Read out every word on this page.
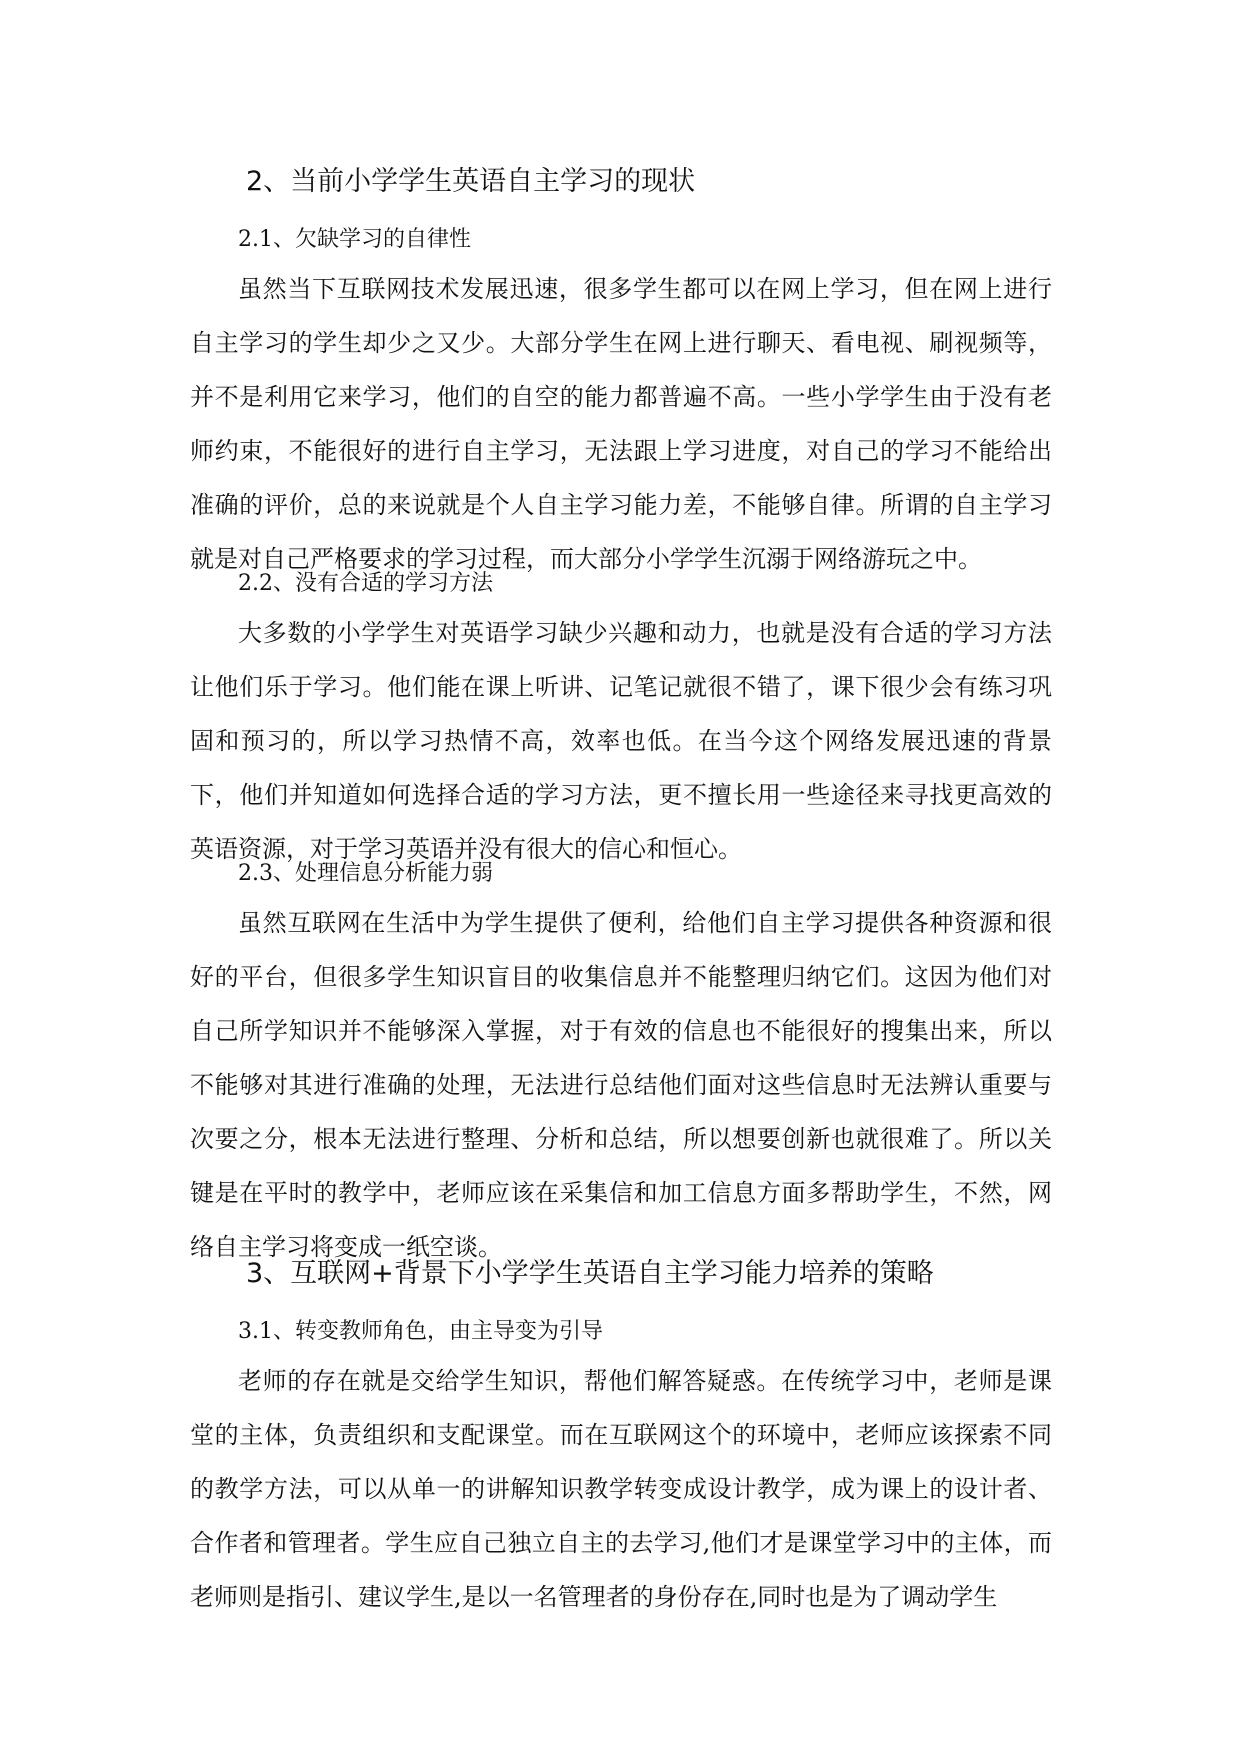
2、当前小学学生英语自主学习的现状
2.1、欠缺学习的自律性

虽然当下互联网技术发展迅速，很多学生都可以在网上学习，但在网上进行自主学习的学生却少之又少。大部分学生在网上进行聊天、看电视、刷视频等，并不是利用它来学习，他们的自空的能力都普遍不高。一些小学学生由于没有老师约束，不能很好的进行自主学习，无法跟上学习进度，对自己的学习不能给出准确的评价，总的来说就是个人自主学习能力差，不能够自律。所谓的自主学习就是对自己严格要求的学习过程，而大部分小学学生沉溺于网络游玩之中。

2.2、没有合适的学习方法

大多数的小学学生对英语学习缺少兴趣和动力，也就是没有合适的学习方法让他们乐于学习。他们能在课上听讲、记笔记就很不错了，课下很少会有练习巩固和预习的，所以学习热情不高，效率也低。在当今这个网络发展迅速的背景下，他们并知道如何选择合适的学习方法，更不擅长用一些途径来寻找更高效的英语资源，对于学习英语并没有很大的信心和恒心。

2.3、处理信息分析能力弱

虽然互联网在生活中为学生提供了便利，给他们自主学习提供各种资源和很好的平台，但很多学生知识盲目的收集信息并不能整理归纳它们。这因为他们对自己所学知识并不能够深入掌握，对于有效的信息也不能很好的搜集出来，所以不能够对其进行准确的处理，无法进行总结他们面对这些信息时无法辨认重要与次要之分，根本无法进行整理、分析和总结，所以想要创新也就很难了。所以关键是在平时的教学中，老师应该在采集信和加工信息方面多帮助学生，不然，网络自主学习将变成一纸空谈。

3、互联网+背景下小学学生英语自主学习能力培养的策略
3.1、转变教师角色，由主导变为引导

老师的存在就是交给学生知识，帮他们解答疑惑。在传统学习中，老师是课堂的主体，负责组织和支配课堂。而在互联网这个的环境中，老师应该探索不同的教学方法，可以从单一的讲解知识教学转变成设计教学，成为课上的设计者、合作者和管理者。学生应自己独立自主的去学习,他们才是课堂学习中的主体，而老师则是指引、建议学生,是以一名管理者的身份存在,同时也是为了调动学生
